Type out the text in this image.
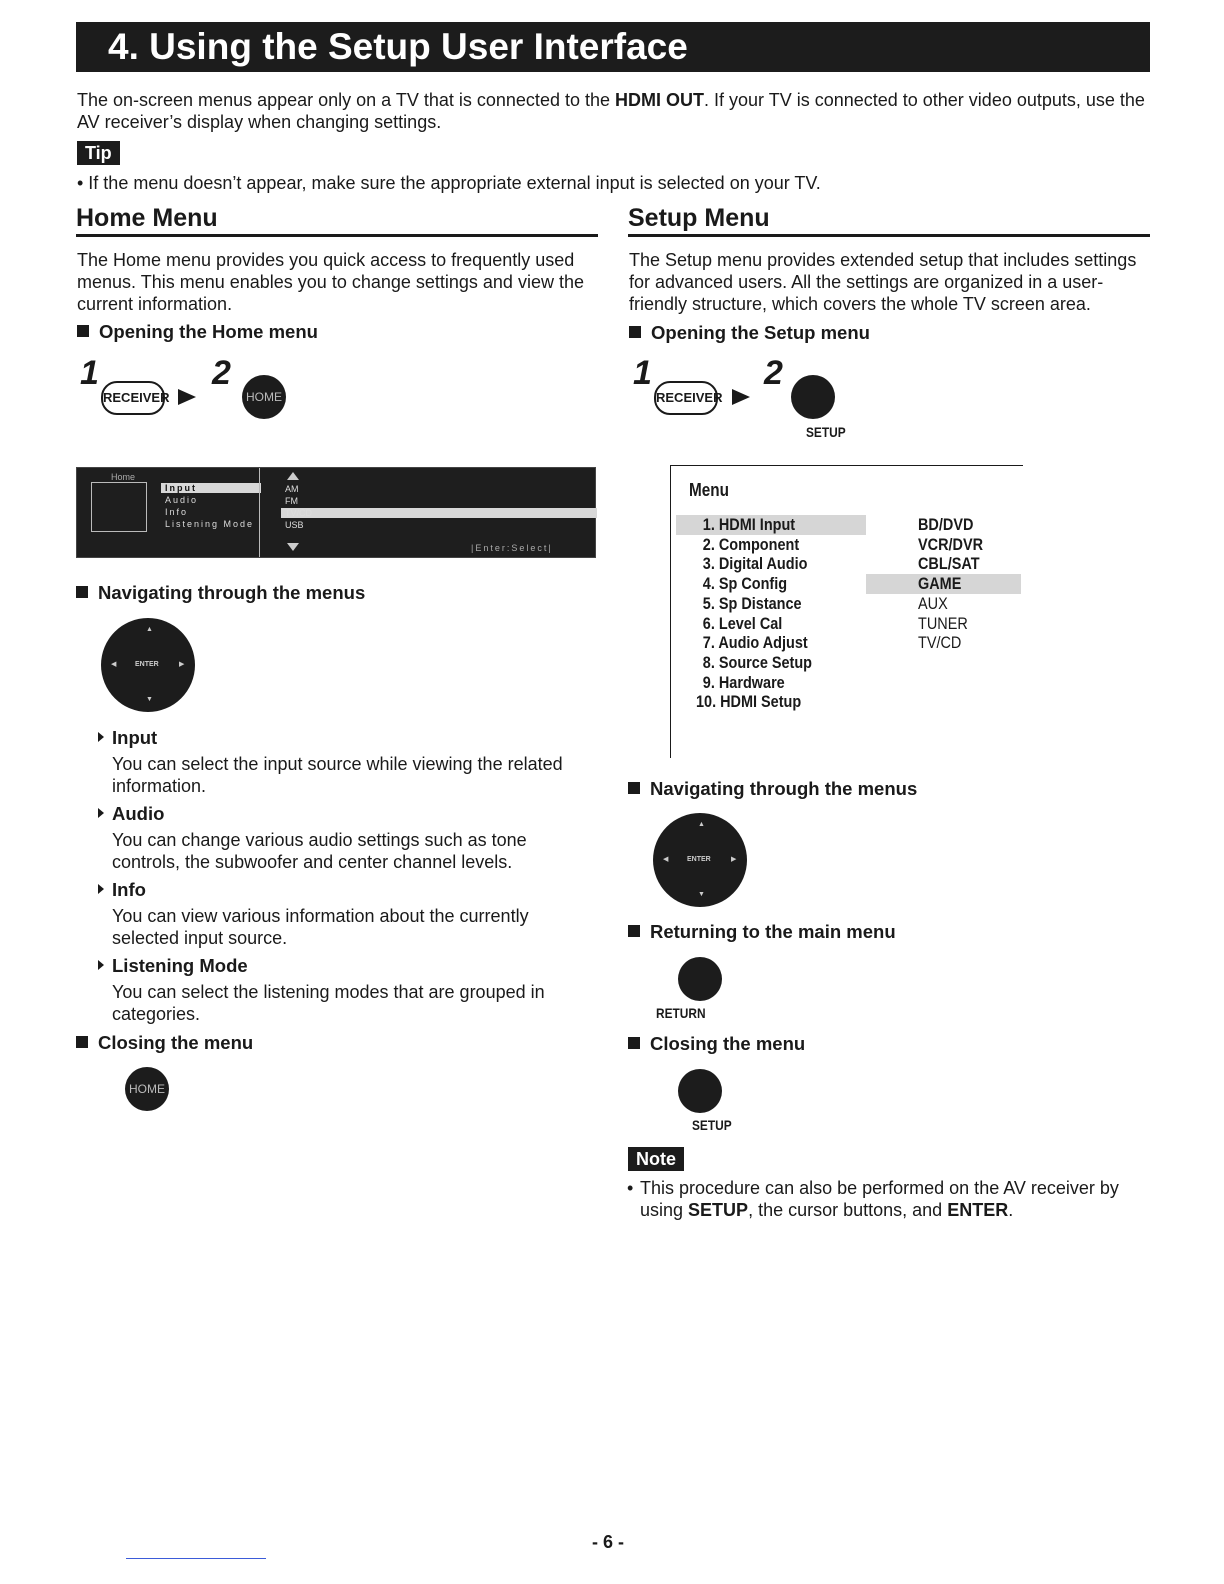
4. Using the Setup User Interface
The on-screen menus appear only on a TV that is connected to the HDMI OUT. If your TV is connected to other video outputs, use the AV receiver’s display when changing settings.
Tip
• If the menu doesn’t appear, make sure the appropriate external input is selected on your TV.
Home Menu
The Home menu provides you quick access to frequently used menus. This menu enables you to change settings and view the current information.
Opening the Home menu
1
RECEIVER
2
HOME
Home
Input
Audio
Info
Listening Mode
AM
FM
TV/CD
USB
|Enter:Select|
Navigating through the menus
▲
▼
◀	▶
ENTER
Input
You can select the input source while viewing the related information.
Audio
You can change various audio settings such as tone controls, the subwoofer and center channel levels.
Info
You can view various information about the currently selected input source.
Listening Mode
You can select the listening modes that are grouped in categories.
Closing the menu
HOME
Setup Menu
The Setup menu provides extended setup that includes settings for advanced users. All the settings are organized in a user-friendly structure, which covers the whole TV screen area.
Opening the Setup menu
1
RECEIVER
2
SETUP
Menu
1. HDMI Input
2. Component
3. Digital Audio
4. Sp Config
5. Sp Distance
6. Level Cal
7. Audio Adjust
8. Source Setup
9. Hardware
10. HDMI Setup
BD/DVD
VCR/DVR
CBL/SAT
GAME
AUX
TUNER
TV/CD
Navigating through the menus
▲
▼
◀	▶
ENTER
Returning to the main menu
RETURN
Closing the menu
SETUP
Note
• This procedure can also be performed on the AV receiver by using SETUP, the cursor buttons, and ENTER.
- 6 -
